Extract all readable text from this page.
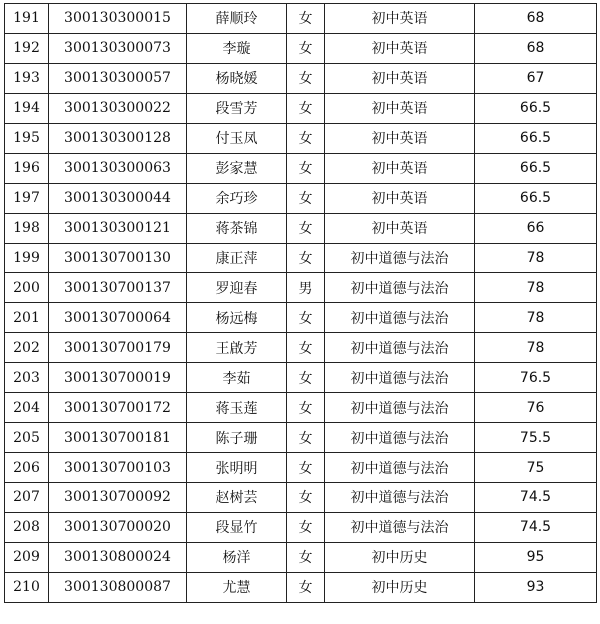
191	300130300015	薛顺玲	女	初中英语	68
192	300130300073	李璇	女	初中英语	68
193	300130300057	杨晓媛	女	初中英语	67
194	300130300022	段雪芳	女	初中英语	66.5
195	300130300128	付玉凤	女	初中英语	66.5
196	300130300063	彭家慧	女	初中英语	66.5
197	300130300044	余巧珍	女	初中英语	66.5
198	300130300121	蒋茶锦	女	初中英语	66
199	300130700130	康正萍	女	初中道德与法治	78
200	300130700137	罗迎春	男	初中道德与法治	78
201	300130700064	杨远梅	女	初中道德与法治	78
202	300130700179	王啟芳	女	初中道德与法治	78
203	300130700019	李茹	女	初中道德与法治	76.5
204	300130700172	蒋玉莲	女	初中道德与法治	76
205	300130700181	陈子珊	女	初中道德与法治	75.5
206	300130700103	张明明	女	初中道德与法治	75
207	300130700092	赵树芸	女	初中道德与法治	74.5
208	300130700020	段显竹	女	初中道德与法治	74.5
209	300130800024	杨洋	女	初中历史	95
210	300130800087	尤慧	女	初中历史	93
